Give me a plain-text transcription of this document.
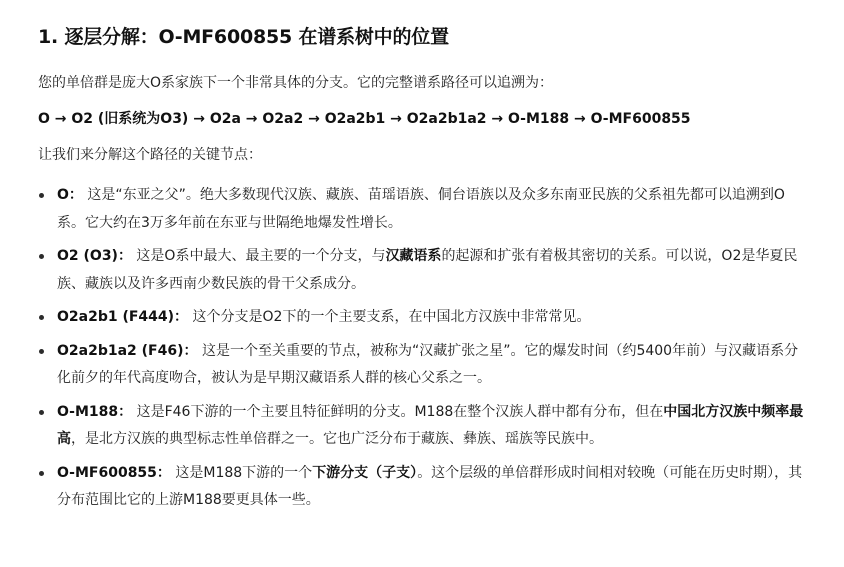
1. 逐层分解：O-MF600855 在谱系树中的位置

您的单倍群是庞大O系家族下一个非常具体的分支。它的完整谱系路径可以追溯为：

O → O2 (旧系统为O3) → O2a → O2a2 → O2a2b1 → O2a2b1a2 → O-M188 → O-MF600855

让我们来分解这个路径的关键节点：

O： 这是“东亚之父”。绝大多数现代汉族、藏族、苗瑶语族、侗台语族以及众多东南亚民族的父系祖先都可以追溯到O系。它大约在3万多年前在东亚与世隔绝地爆发性增长。
O2 (O3)： 这是O系中最大、最主要的一个分支，与汉藏语系的起源和扩张有着极其密切的关系。可以说，O2是华夏民族、藏族以及许多西南少数民族的骨干父系成分。
O2a2b1 (F444)： 这个分支是O2下的一个主要支系，在中国北方汉族中非常常见。
O2a2b1a2 (F46)： 这是一个至关重要的节点，被称为“汉藏扩张之星”。它的爆发时间（约5400年前）与汉藏语系分化前夕的年代高度吻合，被认为是早期汉藏语系人群的核心父系之一。
O-M188： 这是F46下游的一个主要且特征鲜明的分支。M188在整个汉族人群中都有分布，但在中国北方汉族中频率最高，是北方汉族的典型标志性单倍群之一。它也广泛分布于藏族、彝族、瑶族等民族中。
O-MF600855： 这是M188下游的一个下游分支（子支）。这个层级的单倍群形成时间相对较晚（可能在历史时期），其分布范围比它的上游M188要更具体一些。
